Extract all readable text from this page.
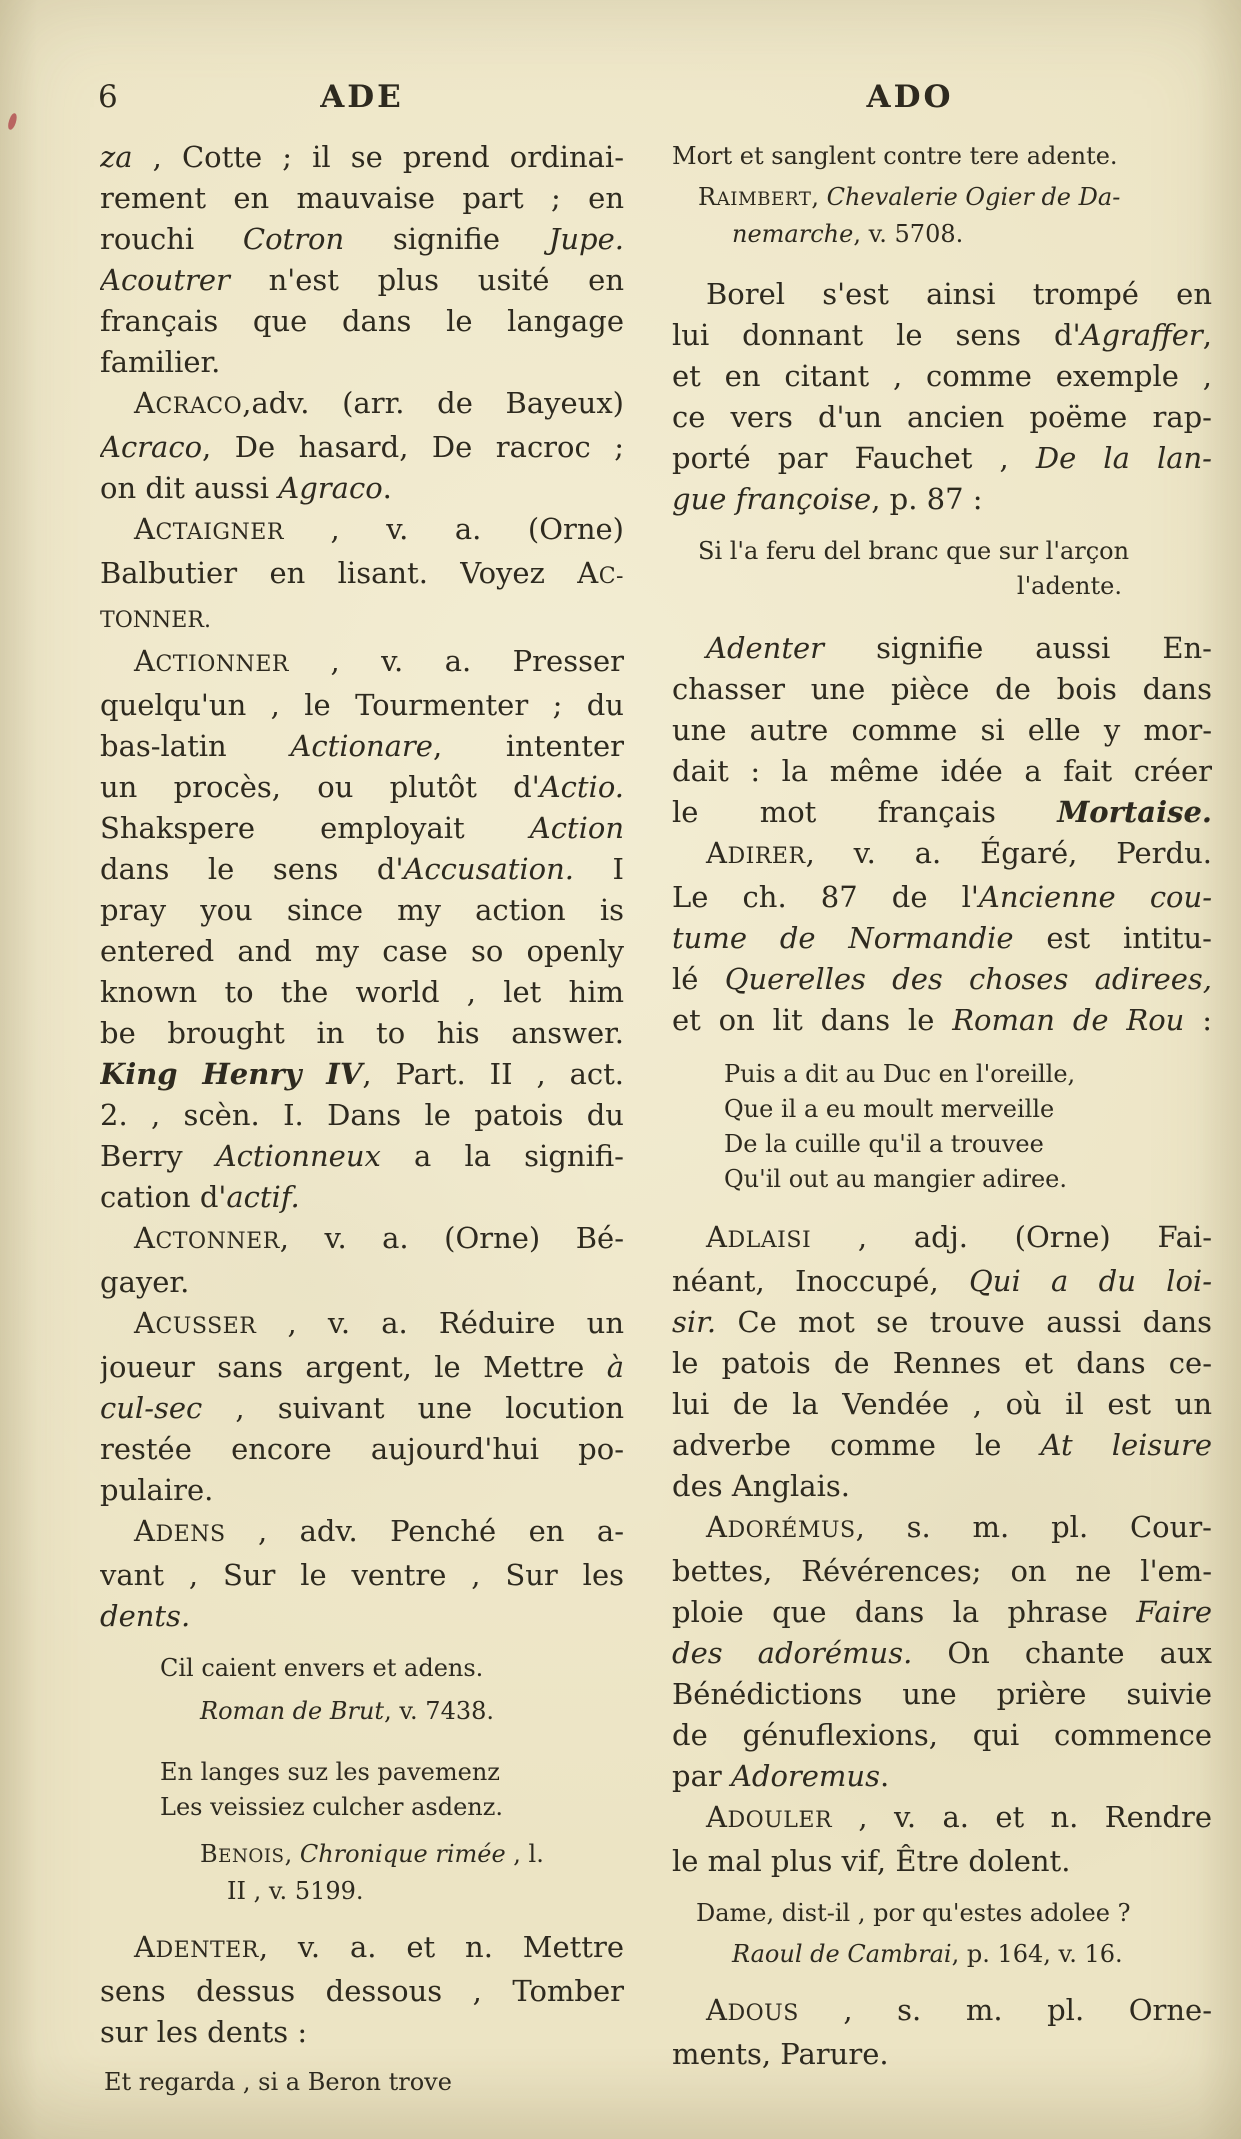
6	ADE	ADO
za , Cotte ; il se prend ordinai-
rement en mauvaise part ; en
rouchi Cotron signifie Jupe.
Acoutrer n'est plus usité en
français que dans le langage
familier.
ACRACO,adv. (arr. de Bayeux)
Acraco, De hasard, De racroc ;
on dit aussi Agraco.
ACTAIGNER , v. a. (Orne)
Balbutier en lisant. Voyez AC-
TONNER.
ACTIONNER , v. a. Presser
quelqu'un , le Tourmenter ; du
bas-latin Actionare, intenter
un procès, ou plutôt d'Actio.
Shakspere employait Action
dans le sens d'Accusation. I
pray you since my action is
entered and my case so openly
known to the world , let him
be brought in to his answer.
King Henry IV, Part. II , act.
2. , scèn. I. Dans le patois du
Berry Actionneux a la signifi-
cation d'actif.
ACTONNER, v. a. (Orne) Bé-
gayer.
ACUSSER , v. a. Réduire un
joueur sans argent, le Mettre à
cul-sec , suivant une locution
restée encore aujourd'hui po-
pulaire.
ADENS , adv. Penché en a-
vant , Sur le ventre , Sur les
dents.
Cil caient envers et adens.
Roman de Brut, v. 7438.
En langes suz les pavemenz
Les veissiez culcher asdenz.
BENOIS, Chronique rimée , l.
II , v. 5199.
ADENTER, v. a. et n. Mettre
sens dessus dessous , Tomber
sur les dents :
Et regarda , si a Beron trove
Mort et sanglent contre tere adente.
RAIMBERT, Chevalerie Ogier de Da-
nemarche, v. 5708.
Borel s'est ainsi trompé en
lui donnant le sens d'Agraffer,
et en citant , comme exemple ,
ce vers d'un ancien poëme rap-
porté par Fauchet , De la lan-
gue françoise, p. 87 :
Si l'a feru del branc que sur l'arçon
l'adente.
Adenter signifie aussi En-
chasser une pièce de bois dans
une autre comme si elle y mor-
dait : la même idée a fait créer
le mot français Mortaise.
ADIRER, v. a. Égaré, Perdu.
Le ch. 87 de l'Ancienne cou-
tume de Normandie est intitu-
lé Querelles des choses adirees,
et on lit dans le Roman de Rou :
Puis a dit au Duc en l'oreille,
Que il a eu moult merveille
De la cuille qu'il a trouvee
Qu'il out au mangier adiree.
ADLAISI , adj. (Orne) Fai-
néant, Inoccupé, Qui a du loi-
sir. Ce mot se trouve aussi dans
le patois de Rennes et dans ce-
lui de la Vendée , où il est un
adverbe comme le At leisure
des Anglais.
ADORÉMUS, s. m. pl. Cour-
bettes, Révérences; on ne l'em-
ploie que dans la phrase Faire
des adorémus. On chante aux
Bénédictions une prière suivie
de génuflexions, qui commence
par Adoremus.
ADOULER , v. a. et n. Rendre
le mal plus vif, Être dolent.
Dame, dist-il , por qu'estes adolee ?
Raoul de Cambrai, p. 164, v. 16.
ADOUS , s. m. pl. Orne-
ments, Parure.
